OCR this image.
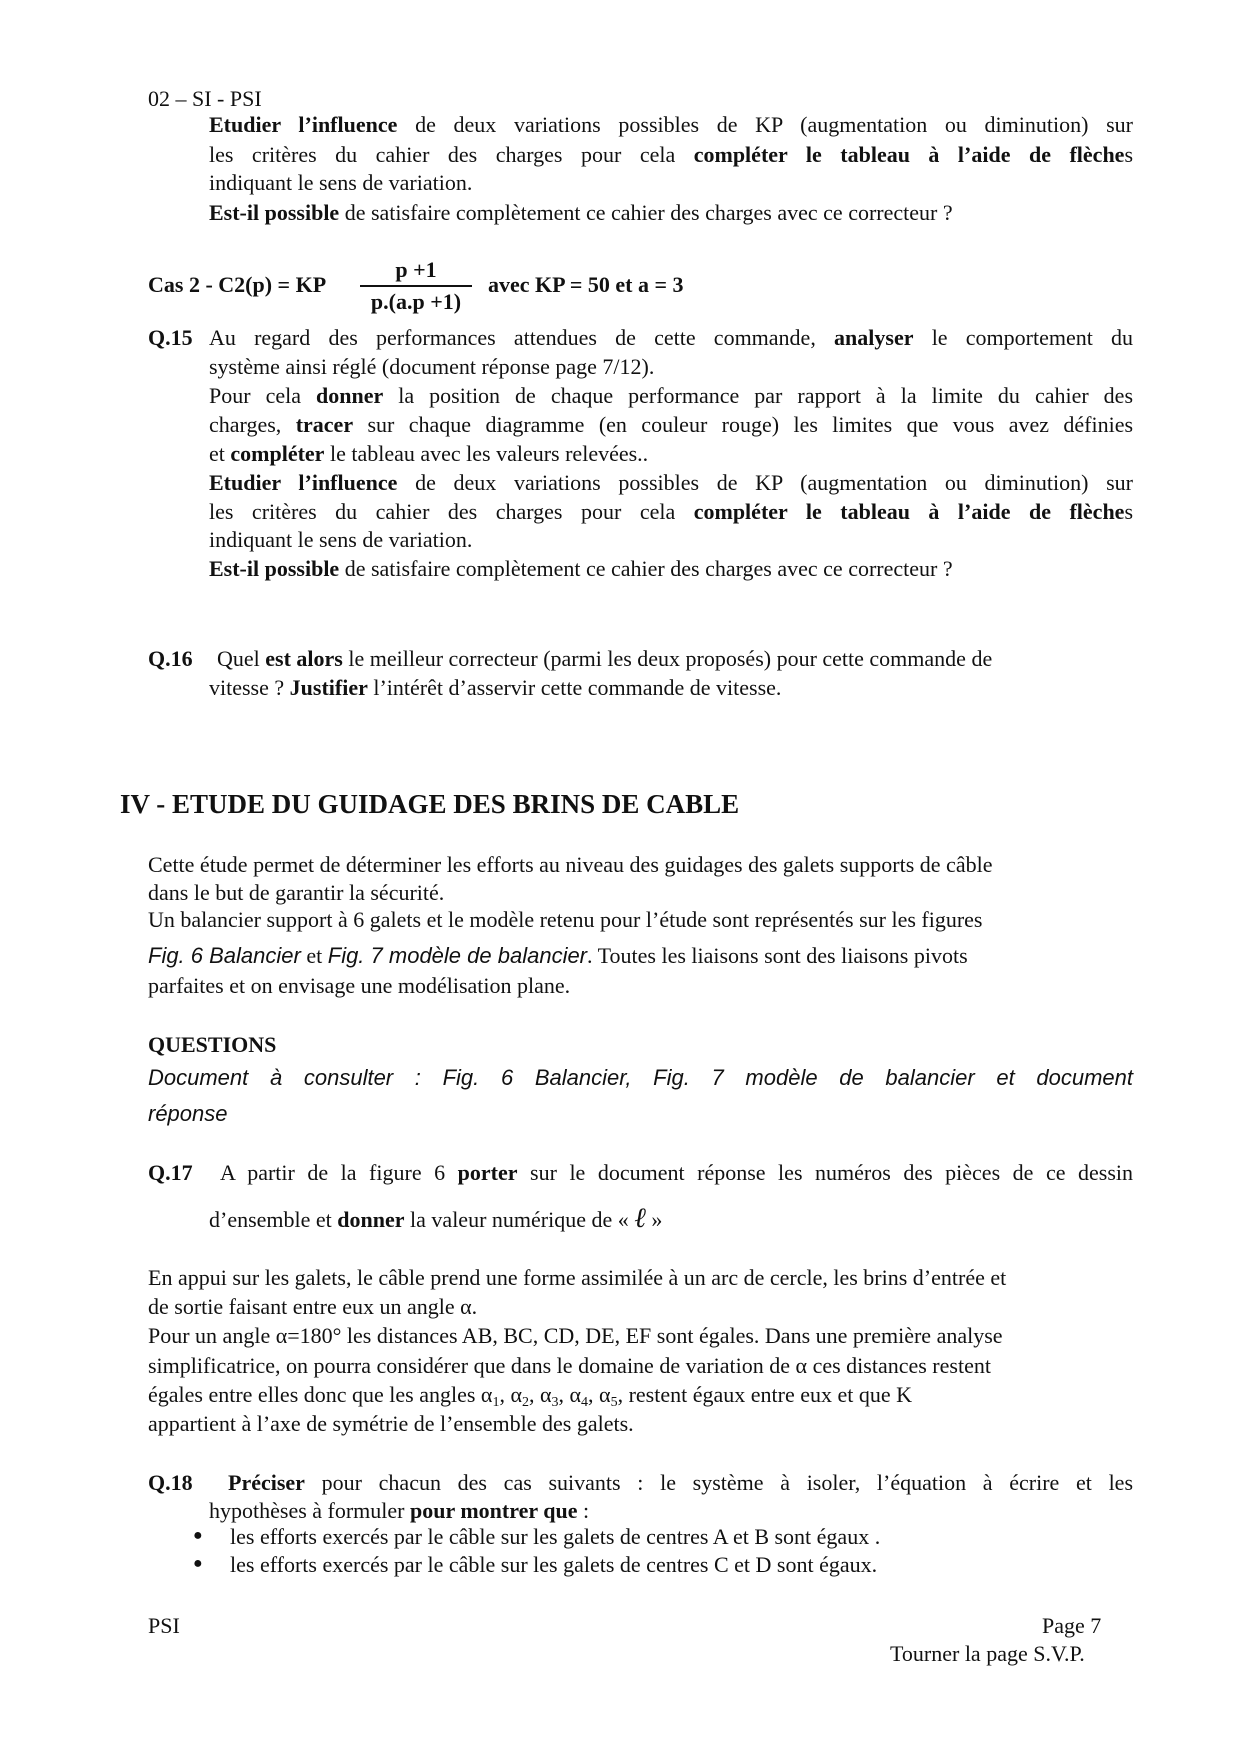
02 – SI - PSI
Etudier l’influence de deux variations possibles de KP (augmentation ou diminution) sur
les critères du cahier des charges pour cela compléter le tableau à l’aide de flèches
indiquant le sens de variation.
Est-il possible de satisfaire complètement ce cahier des charges avec ce correcteur ?
Cas 2 - C2(p) = KP
p +1
p.(a.p +1)
avec KP = 50 et a = 3
Q.15 Au regard des performances attendues de cette commande, analyser le comportement du
système ainsi réglé (document réponse page 7/12).
Pour cela donner la position de chaque performance par rapport à la limite du cahier des
charges, tracer sur chaque diagramme (en couleur rouge) les limites que vous avez définies
et compléter le tableau avec les valeurs relevées..
Etudier l’influence de deux variations possibles de KP (augmentation ou diminution) sur
les critères du cahier des charges pour cela compléter le tableau à l’aide de flèches
indiquant le sens de variation.
Est-il possible de satisfaire complètement ce cahier des charges avec ce correcteur ?
Q.16 Quel est alors le meilleur correcteur (parmi les deux proposés) pour cette commande de
vitesse ? Justifier l’intérêt d’asservir cette commande de vitesse.
IV - ETUDE DU GUIDAGE DES BRINS DE CABLE
Cette étude permet de déterminer les efforts au niveau des guidages des galets supports de câble
dans le but de garantir la sécurité.
Un balancier support à 6 galets et le modèle retenu pour l’étude sont représentés sur les figures
Fig. 6 Balancier et Fig. 7 modèle de balancier. Toutes les liaisons sont des liaisons pivots
parfaites et on envisage une modélisation plane.
QUESTIONS
Document à consulter : Fig. 6 Balancier, Fig. 7 modèle de balancier et document
réponse
Q.17 A partir de la figure 6 porter sur le document réponse les numéros des pièces de ce dessin
d’ensemble et donner la valeur numérique de « ℓ »
En appui sur les galets, le câble prend une forme assimilée à un arc de cercle, les brins d’entrée et
de sortie faisant entre eux un angle α.
Pour un angle α=180° les distances AB, BC, CD, DE, EF sont égales. Dans une première analyse
simplificatrice, on pourra considérer que dans le domaine de variation de α ces distances restent
égales entre elles donc que les angles $\alpha_1$, $\alpha_2$, $\alpha_3$, $\alpha_4$, $\alpha_5$, restent égaux entre eux et que K
appartient à l’axe de symétrie de l’ensemble des galets.
Q.18 Préciser pour chacun des cas suivants : le système à isoler, l’équation à écrire et les
hypothèses à formuler pour montrer que :
● les efforts exercés par le câble sur les galets de centres A et B sont égaux .
● les efforts exercés par le câble sur les galets de centres C et D sont égaux.
PSI	Page 7
Tourner la page S.V.P.
